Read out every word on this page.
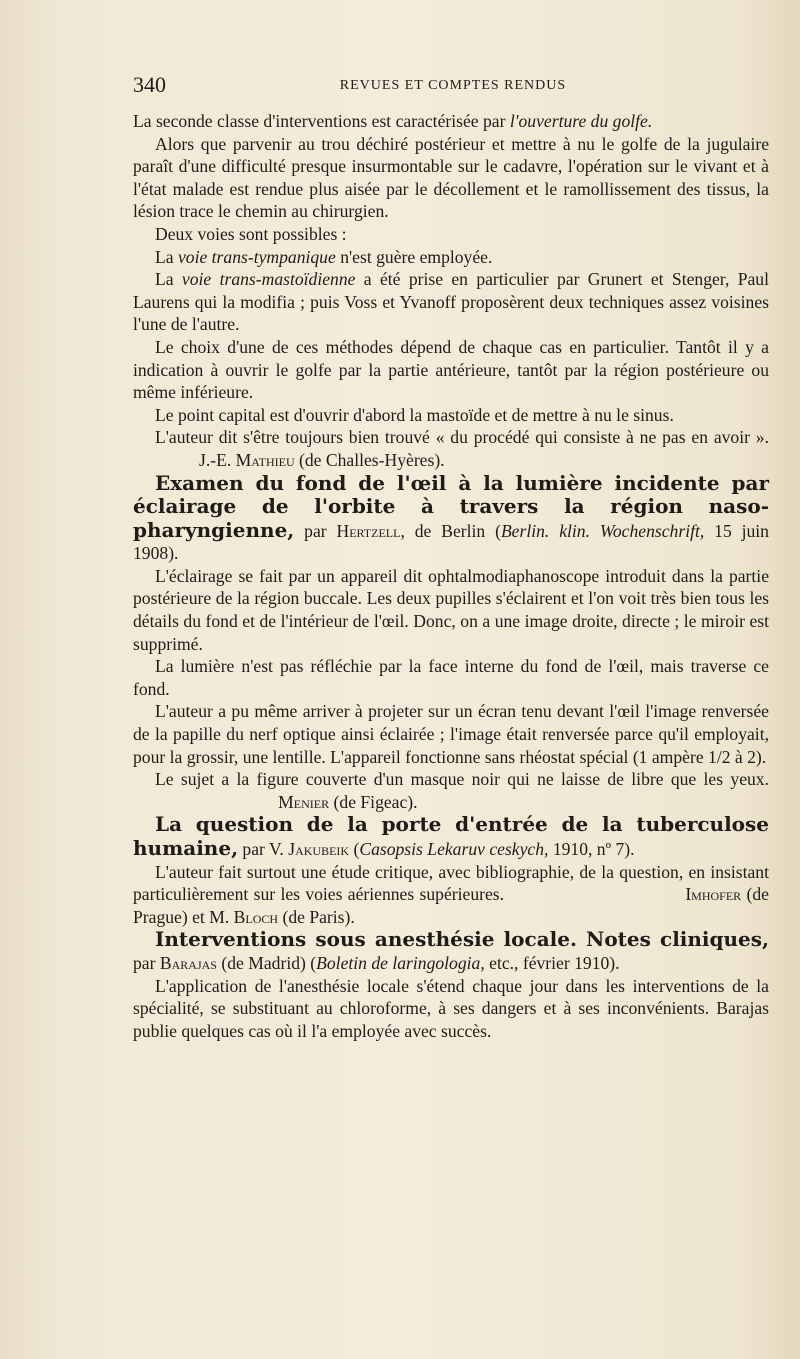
340	REVUES ET COMPTES RENDUS

La seconde classe d'interventions est caractérisée par l'ouverture du golfe.

Alors que parvenir au trou déchiré postérieur et mettre à nu le golfe de la jugulaire paraît d'une difficulté presque insurmontable sur le cadavre, l'opération sur le vivant et à l'état malade est rendue plus aisée par le décollement et le ramollissement des tissus, la lésion trace le chemin au chirurgien.

Deux voies sont possibles :

La voie trans-tympanique n'est guère employée.

La voie trans-mastoïdienne a été prise en particulier par Grunert et Stenger, Paul Laurens qui la modifia ; puis Voss et Yvanoff proposèrent deux techniques assez voisines l'une de l'autre.

Le choix d'une de ces méthodes dépend de chaque cas en particulier. Tantôt il y a indication à ouvrir le golfe par la partie antérieure, tantôt par la région postérieure ou même inférieure.

Le point capital est d'ouvrir d'abord la mastoïde et de mettre à nu le sinus.

L'auteur dit s'être toujours bien trouvé « du procédé qui consiste à ne pas en avoir ».                J.-E. Mathieu (de Challes-Hyères).

Examen du fond de l'œil à la lumière incidente par éclairage de l'orbite à travers la région naso-pharyngienne, par Hertzell, de Berlin (Berlin. klin. Wochenschrift, 15 juin 1908).

L'éclairage se fait par un appareil dit ophtalmodiaphanoscope introduit dans la partie postérieure de la région buccale. Les deux pupilles s'éclairent et l'on voit très bien tous les détails du fond et de l'intérieur de l'œil. Donc, on a une image droite, directe ; le miroir est supprimé.

La lumière n'est pas réfléchie par la face interne du fond de l'œil, mais traverse ce fond.

L'auteur a pu même arriver à projeter sur un écran tenu devant l'œil l'image renversée de la papille du nerf optique ainsi éclairée ; l'image était renversée parce qu'il employait, pour la grossir, une lentille. L'appareil fonctionne sans rhéostat spécial (1 ampère 1/2 à 2).

Le sujet a la figure couverte d'un masque noir qui ne laisse de libre que les yeux.                                  Menier (de Figeac).

La question de la porte d'entrée de la tuberculose humaine, par V. Jakubeik (Casopsis Lekaruv ceskych, 1910, nº 7).

L'auteur fait surtout une étude critique, avec bibliographie, de la question, en insistant particulièrement sur les voies aériennes supérieures.	Imhofer (de Prague) et M. Bloch (de Paris).

Interventions sous anesthésie locale. Notes cliniques, par Barajas (de Madrid) (Boletin de laringologia, etc., février 1910).

L'application de l'anesthésie locale s'étend chaque jour dans les interventions de la spécialité, se substituant au chloroforme, à ses dangers et à ses inconvénients. Barajas publie quelques cas où il l'a employée avec succès.
